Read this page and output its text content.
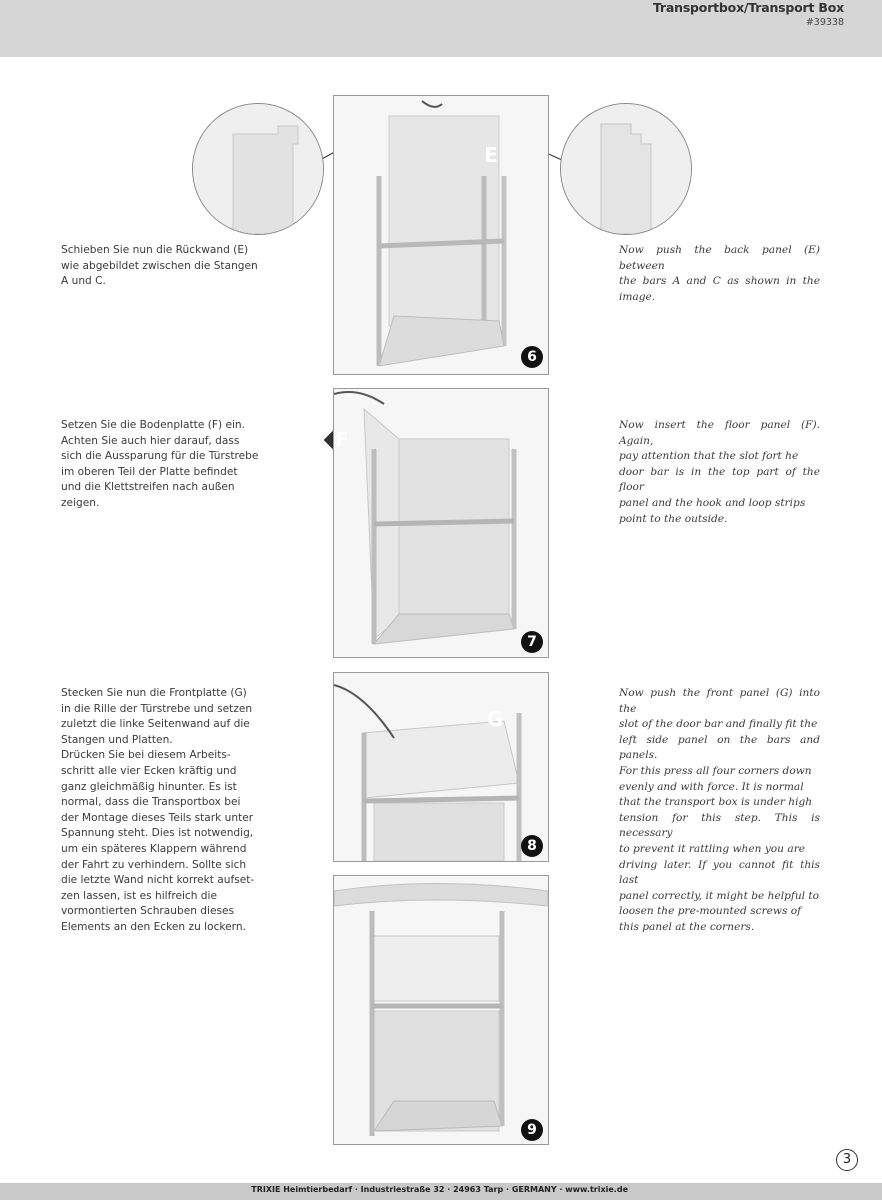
Transportbox/Transport Box
#39338
Schieben Sie nun die Rückwand (E)
wie abgebildet zwischen die Stangen
A und C.
Now push the back panel (E) between
the bars A and C as shown in the image.
E
6
Setzen Sie die Bodenplatte (F) ein.
Achten Sie auch hier darauf, dass
sich die Aussparung für die Türstrebe
im oberen Teil der Platte befindet
und die Klettstreifen nach außen
zeigen.
Now insert the floor panel (F). Again,
pay attention that the slot fort he
door bar is in the top part of the floor
panel and the hook and loop strips
point to the outside.
F
7
Stecken Sie nun die Frontplatte (G)
in die Rille der Türstrebe und setzen
zuletzt die linke Seitenwand auf die
Stangen und Platten.
Drücken Sie bei diesem Arbeits-
schritt alle vier Ecken kräftig und
ganz gleichmäßig hinunter. Es ist
normal, dass die Transportbox bei
der Montage dieses Teils stark unter
Spannung steht. Dies ist notwendig,
um ein späteres Klappern während
der Fahrt zu verhindern. Sollte sich
die letzte Wand nicht korrekt aufset-
zen lassen, ist es hilfreich die
vormontierten Schrauben dieses
Elements an den Ecken zu lockern.
Now push the front panel (G) into the
slot of the door bar and finally fit the
left side panel on the bars and panels.
For this press all four corners down
evenly and with force. It is normal
that the transport box is under high
tension for this step. This is necessary
to prevent it rattling when you are
driving later. If you cannot fit this last
panel correctly, it might be helpful to
loosen the pre-mounted screws of
this panel at the corners.
G
8
9
3
TRIXIE Heimtierbedarf · Industriestraße 32 · 24963 Tarp · GERMANY · www.trixie.de
